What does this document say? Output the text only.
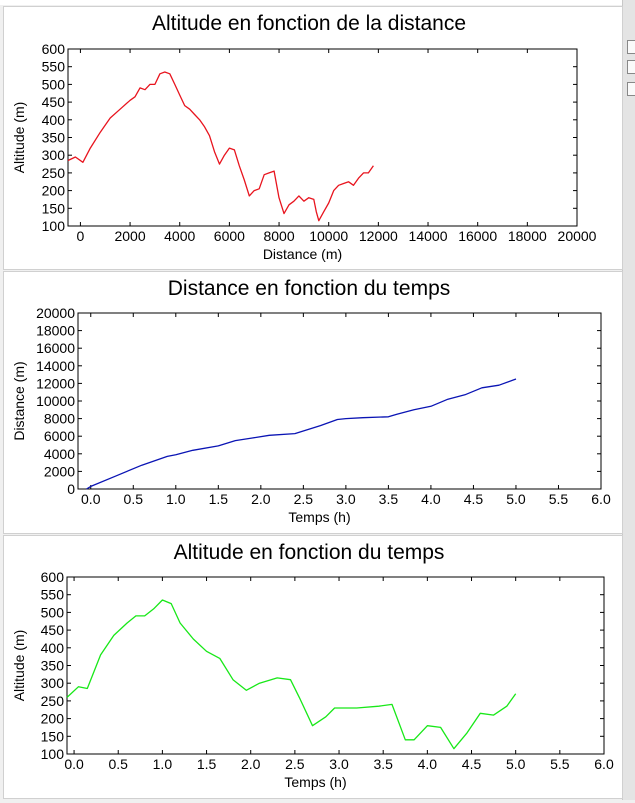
Altitude en fonction de la distance
0 2000 4000 6000 8000 10000 12000 14000 16000 18000 20000
100
150
200
250
300
350
400
450
500
550
600
Distance (m)
Altitude (m)
Distance en fonction du temps
0.0 0.5 1.0 1.5 2.0 2.5 3.0 3.5 4.0 4.5 5.0 5.5 6.0
0
2000
4000
6000
8000
10000
12000
14000
16000
18000
20000
Temps (h)
Distance (m)
Altitude en fonction du temps
0.0 0.5 1.0 1.5 2.0 2.5 3.0 3.5 4.0 4.5 5.0 5.5 6.0
100
150
200
250
300
350
400
450
500
550
600
Temps (h)
Altitude (m)
